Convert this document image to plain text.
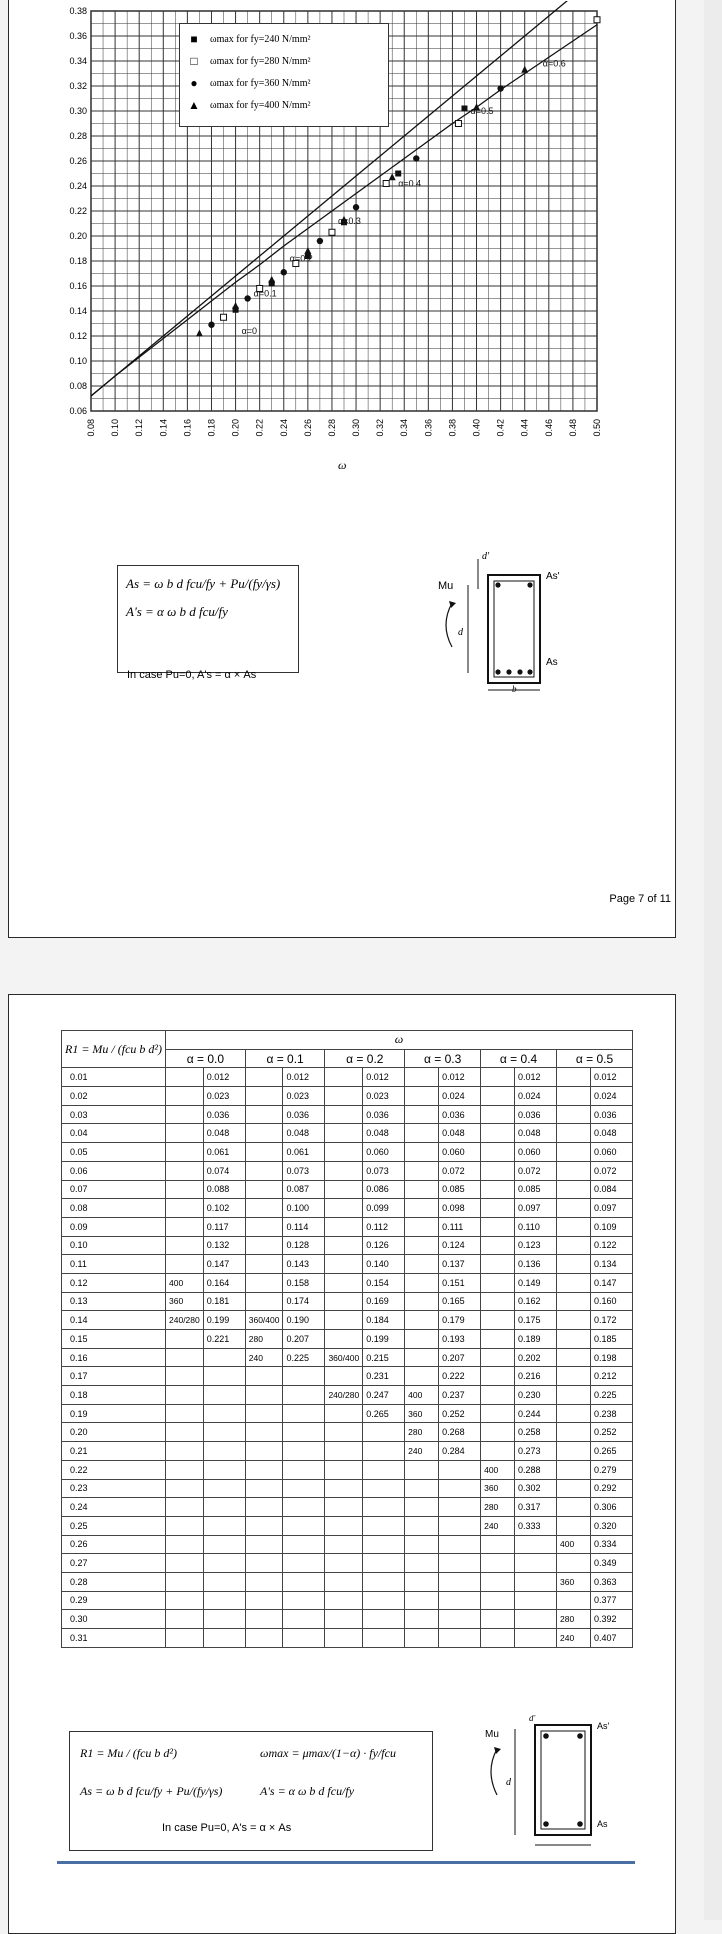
0.06
0.08
0.10
0.12
0.14
0.16
0.18
0.20
0.22
0.24
0.26
0.28
0.30
0.32
0.34
0.36
0.38
0.08 0.10 0.12 0.14 0.16 0.18 0.20 0.22 0.24 0.26 0.28 0.30 0.32 0.34 0.36 0.38 0.40 0.42 0.44 0.46 0.48 0.50
ω
α=0
α=0.1
α=0.2
α=0.3
α=0.4
α=0.5
α=0.6
■ ωmax for fy=240 N/mm²
□ ωmax for fy=280 N/mm²
● ωmax for fy=360 N/mm²
▲ ωmax for fy=400 N/mm²
As = ω b d fcu/fy + Pu/(fy/γs)
A's = α ω b d fcu/fy
In case Pu=0, A's = α × As
Mu
d
d'
As'
As
b
Page 7 of 11
R1 = Mu / (fcu b d²)	ω											
	α = 0.0		α = 0.1		α = 0.2		α = 0.3		α = 0.4		α = 0.5	
0.01		0.012		0.012		0.012		0.012		0.012		0.012
0.02		0.023		0.023		0.023		0.024		0.024		0.024
0.03		0.036		0.036		0.036		0.036		0.036		0.036
0.04		0.048		0.048		0.048		0.048		0.048		0.048
0.05		0.061		0.061		0.060		0.060		0.060		0.060
0.06		0.074		0.073		0.073		0.072		0.072		0.072
0.07		0.088		0.087		0.086		0.085		0.085		0.084
0.08		0.102		0.100		0.099		0.098		0.097		0.097
0.09		0.117		0.114		0.112		0.111		0.110		0.109
0.10		0.132		0.128		0.126		0.124		0.123		0.122
0.11		0.147		0.143		0.140		0.137		0.136		0.134
0.12	400	0.164		0.158		0.154		0.151		0.149		0.147
0.13	360	0.181		0.174		0.169		0.165		0.162		0.160
0.14	240/280	0.199	360/400	0.190		0.184		0.179		0.175		0.172
0.15		0.221	280	0.207		0.199		0.193		0.189		0.185
0.16			240	0.225	360/400	0.215		0.207		0.202		0.198
0.17						0.231		0.222		0.216		0.212
0.18					240/280	0.247	400	0.237		0.230		0.225
0.19						0.265	360	0.252		0.244		0.238
0.20							280	0.268		0.258		0.252
0.21							240	0.284		0.273		0.265
0.22									400	0.288		0.279
0.23									360	0.302		0.292
0.24									280	0.317		0.306
0.25									240	0.333		0.320
0.26											400	0.334
0.27												0.349
0.28											360	0.363
0.29												0.377
0.30											280	0.392
0.31											240	0.407
R1 = Mu / (fcu b d²)	ωmax = μmax/(1−α) · fy/fcu
As = ω b d fcu/fy + Pu/(fy/γs)	A's = α ω b d fcu/fy
In case Pu=0, A's = α × As
Mu
d
d'
As'
As
